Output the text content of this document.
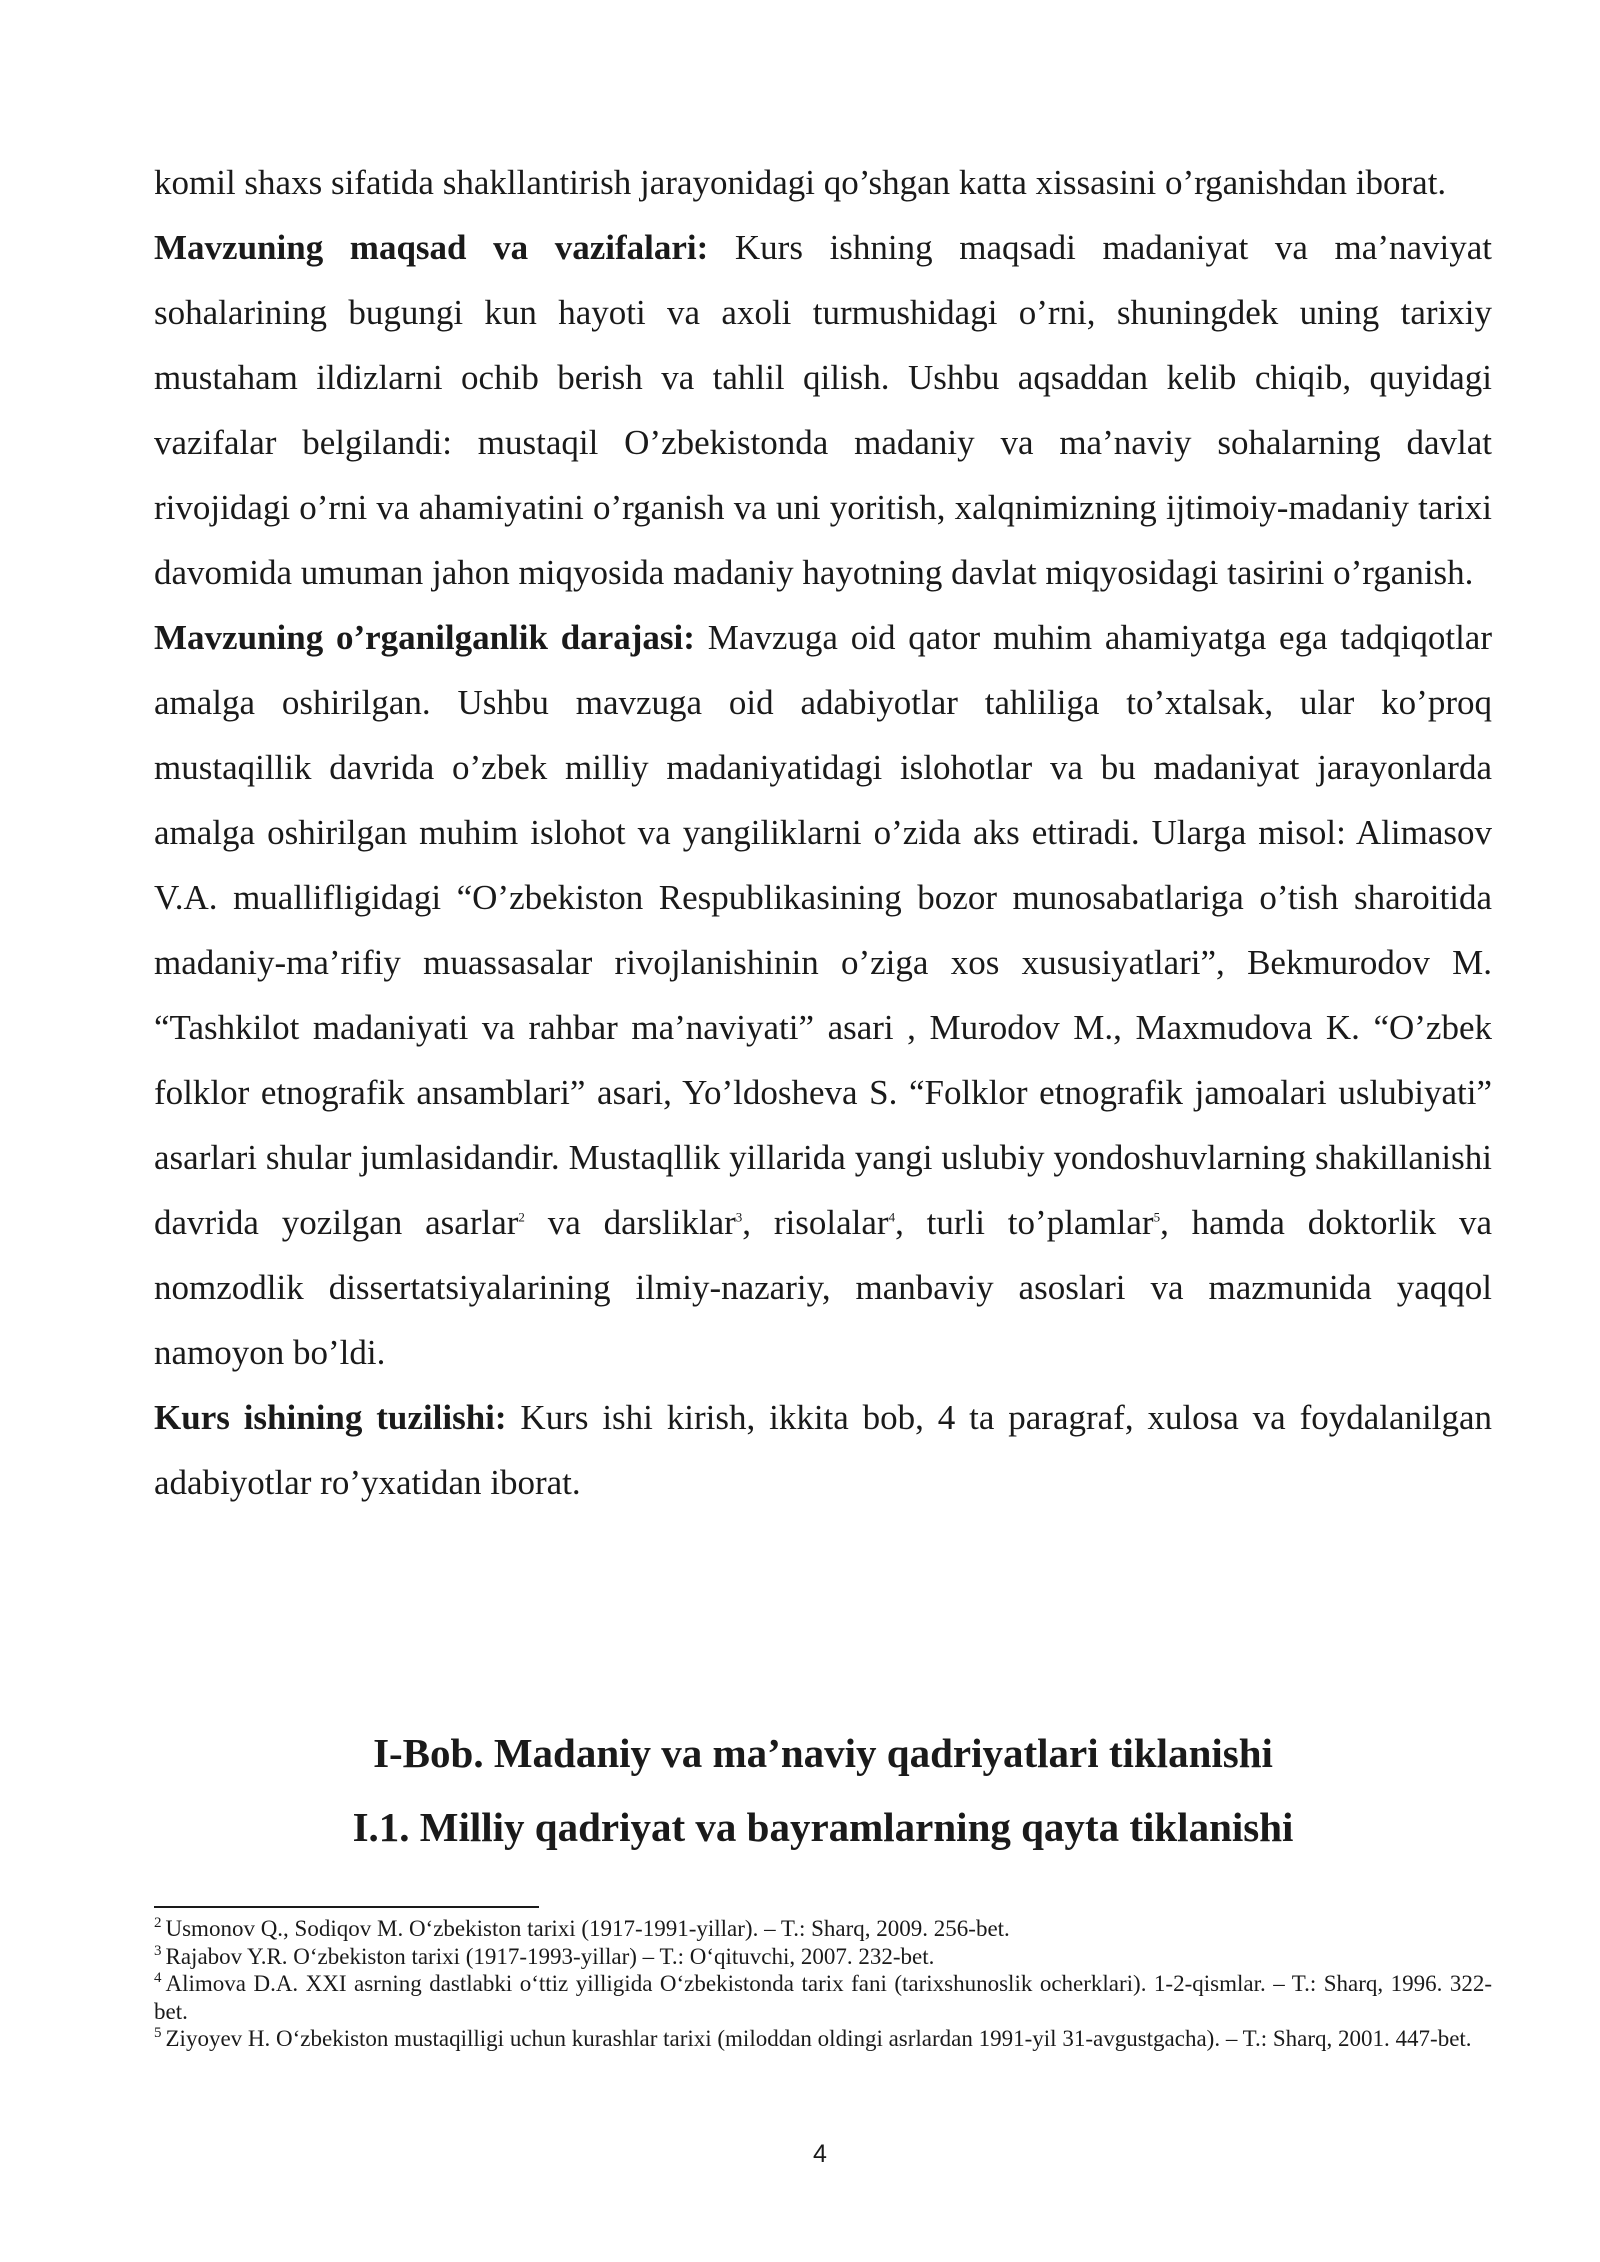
komil shaxs sifatida shakllantirish jarayonidagi qo’shgan katta xissasini o’rganishdan iborat.

Mavzuning maqsad va vazifalari: Kurs ishning maqsadi madaniyat va ma’naviyat sohalarining bugungi kun hayoti va axoli turmushidagi o’rni, shuningdek uning tarixiy mustaham ildizlarni ochib berish va tahlil qilish. Ushbu aqsaddan kelib chiqib, quyidagi vazifalar belgilandi: mustaqil O’zbekistonda madaniy va ma’naviy sohalarning davlat rivojidagi o’rni va ahamiyatini o’rganish va uni yoritish, xalqnimizning ijtimoiy-madaniy tarixi davomida umuman jahon miqyosida madaniy hayotning davlat miqyosidagi tasirini o’rganish.

Mavzuning o’rganilganlik darajasi: Mavzuga oid qator muhim ahamiyatga ega tadqiqotlar amalga oshirilgan. Ushbu mavzuga oid adabiyotlar tahliliga to’xtalsak, ular ko’proq mustaqillik davrida o’zbek milliy madaniyatidagi islohotlar va bu madaniyat jarayonlarda amalga oshirilgan muhim islohot va yangiliklarni o’zida aks ettiradi. Ularga misol: Alimasov V.A. muallifligidagi “O’zbekiston Respublikasining bozor munosabatlariga o’tish sharoitida madaniy-ma’rifiy muassasalar rivojlanishinin o’ziga xos xususiyatlari”, Bekmurodov M. “Tashkilot madaniyati va rahbar ma’naviyati” asari , Murodov M., Maxmudova K. “O’zbek folklor etnografik ansamblari” asari, Yo’ldosheva S. “Folklor etnografik jamoalari uslubiyati” asarlari shular jumlasidandir. Mustaqllik yillarida yangi uslubiy yondoshuvlarning shakillanishi davrida yozilgan asarlar$^2$ va darsliklar$^3$, risolalar$^4$, turli to’plamlar$^5$, hamda doktorlik va nomzodlik dissertatsiyalarining ilmiy-nazariy, manbaviy asoslari va mazmunida yaqqol namoyon bo’ldi.

Kurs ishining tuzilishi: Kurs ishi kirish, ikkita bob, 4 ta paragraf, xulosa va foydalanilgan adabiyotlar ro’yxatidan iborat.

I-Bob. Madaniy va ma’naviy qadriyatlari tiklanishi
I.1. Milliy qadriyat va bayramlarning qayta tiklanishi

$^2$ Usmonov Q., Sodiqov M. O‘zbekiston tarixi (1917-1991-yillar). – T.: Sharq, 2009. 256-bet.

$^3$ Rajabov Y.R. O‘zbekiston tarixi (1917-1993-yillar) – T.: O‘qituvchi, 2007. 232-bet.

$^4$ Alimova D.A. XXI asrning dastlabki o‘ttiz yilligida O‘zbekistonda tarix fani (tarixshunoslik ocherklari). 1-2-qismlar. – T.: Sharq, 1996. 322-bet.

$^5$ Ziyoyev H. O‘zbekiston mustaqilligi uchun kurashlar tarixi (miloddan oldingi asrlardan 1991-yil 31-avgustgacha). – T.: Sharq, 2001. 447-bet.

4
